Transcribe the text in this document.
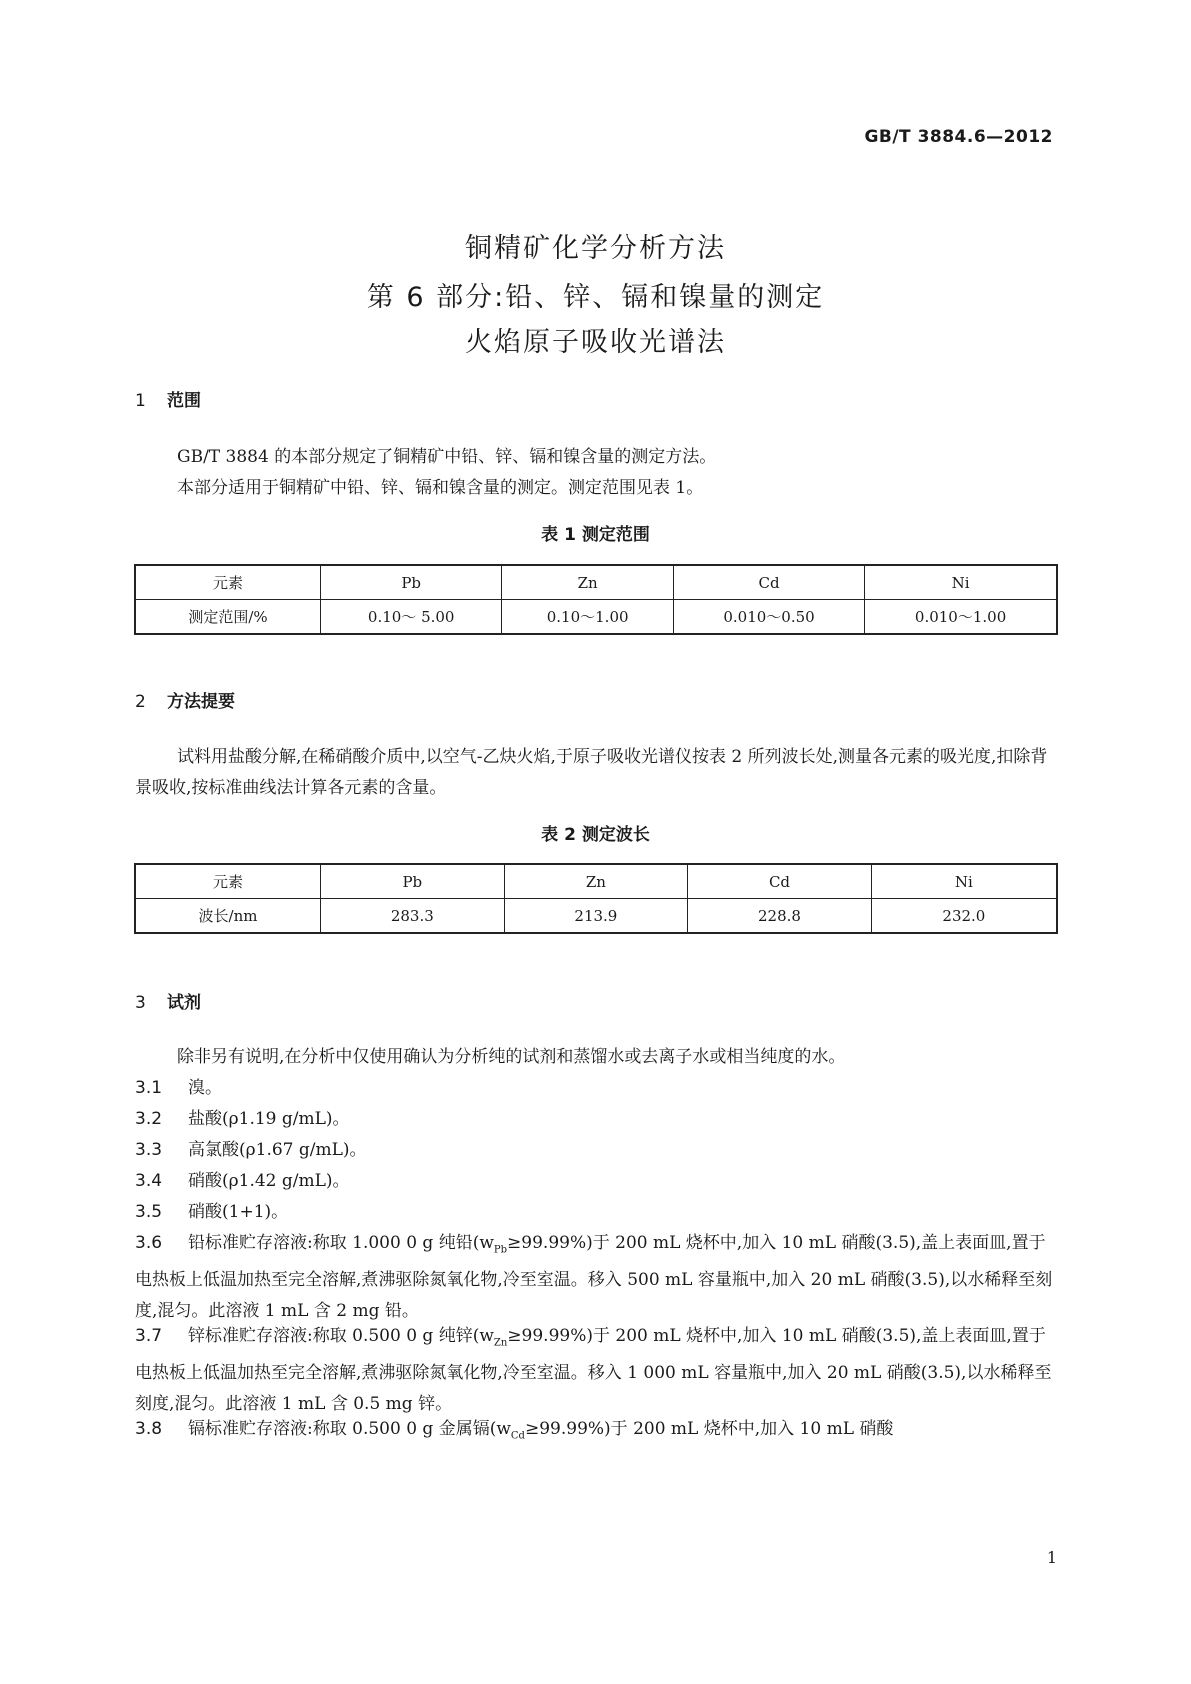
GB/T 3884.6—2012
铜精矿化学分析方法
第 6 部分:铅、锌、镉和镍量的测定
火焰原子吸收光谱法
1 范围
GB/T 3884 的本部分规定了铜精矿中铅、锌、镉和镍含量的测定方法。
本部分适用于铜精矿中铅、锌、镉和镍含量的测定。测定范围见表 1。
表 1 测定范围
元素	Pb	Zn	Cd	Ni
测定范围/%	0.10～ 5.00	0.10～1.00	0.010～0.50	0.010～1.00
2 方法提要
试料用盐酸分解,在稀硝酸介质中,以空气-乙炔火焰,于原子吸收光谱仪按表 2 所列波长处,测量各元素的吸光度,扣除背景吸收,按标准曲线法计算各元素的含量。
表 2 测定波长
元素	Pb	Zn	Cd	Ni
波长/nm	283.3	213.9	228.8	232.0
3 试剂
除非另有说明,在分析中仅使用确认为分析纯的试剂和蒸馏水或去离子水或相当纯度的水。
3.1 溴。
3.2 盐酸(ρ1.19 g/mL)。
3.3 高氯酸(ρ1.67 g/mL)。
3.4 硝酸(ρ1.42 g/mL)。
3.5 硝酸(1+1)。
3.6 铅标准贮存溶液:称取 1.000 0 g 纯铅$(w_{Pb}\ge 99.99\%)$于 200 mL 烧杯中,加入 10 mL 硝酸(3.5),盖上表面皿,置于电热板上低温加热至完全溶解,煮沸驱除氮氧化物,冷至室温。移入 500 mL 容量瓶中,加入 20 mL 硝酸(3.5),以水稀释至刻度,混匀。此溶液 1 mL 含 2 mg 铅。
3.7 锌标准贮存溶液:称取 0.500 0 g 纯锌$(w_{Zn}\ge 99.99\%)$于 200 mL 烧杯中,加入 10 mL 硝酸(3.5),盖上表面皿,置于电热板上低温加热至完全溶解,煮沸驱除氮氧化物,冷至室温。移入 1 000 mL 容量瓶中,加入 20 mL 硝酸(3.5),以水稀释至刻度,混匀。此溶液 1 mL 含 0.5 mg 锌。
3.8 镉标准贮存溶液:称取 0.500 0 g 金属镉$(w_{Cd}\ge 99.99\%)$于 200 mL 烧杯中,加入 10 mL 硝酸
1
